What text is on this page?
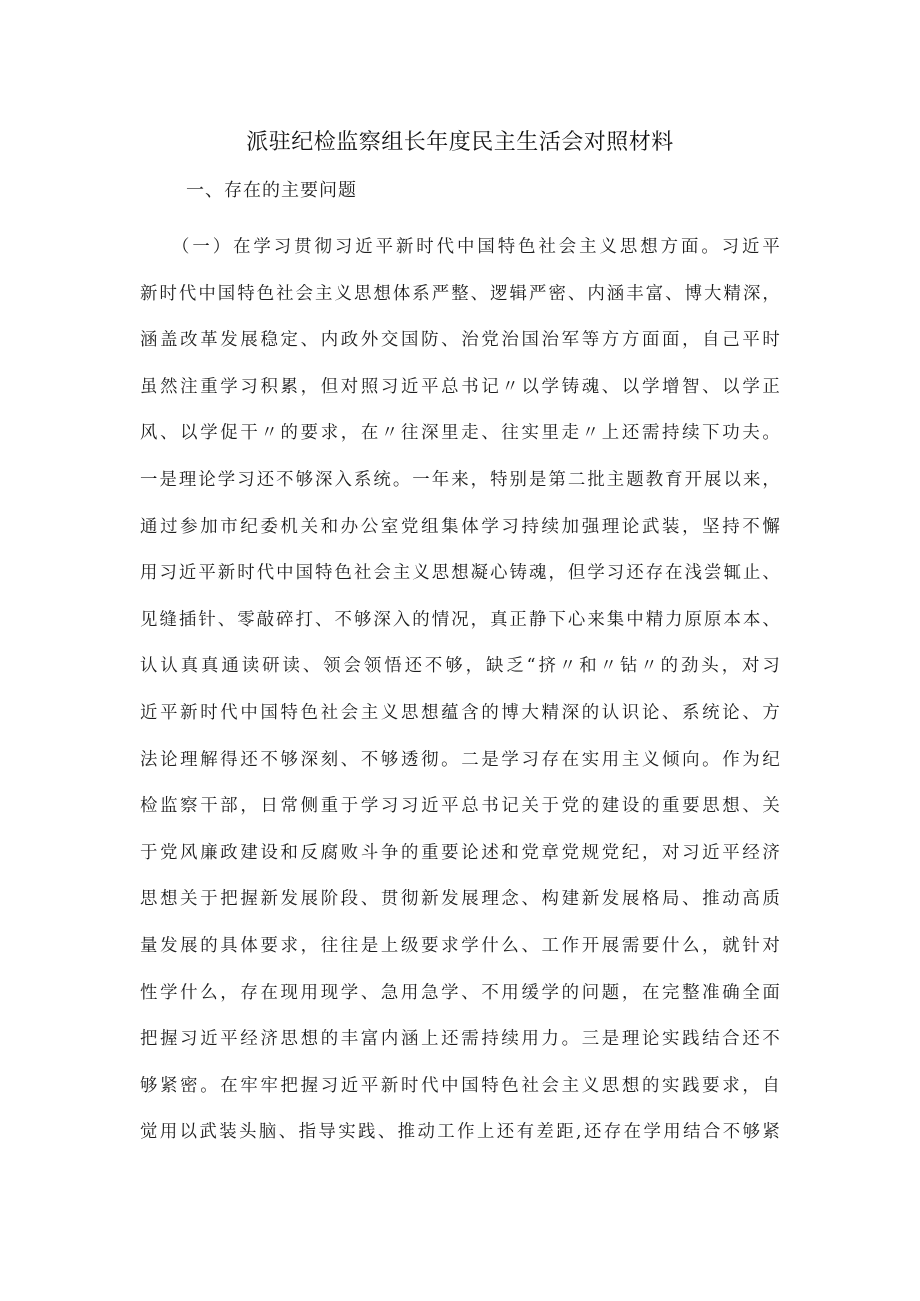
派驻纪检监察组长年度民主生活会对照材料
一、存在的主要问题
（一）在学习贯彻习近平新时代中国特色社会主义思想方面。习近平
新时代中国特色社会主义思想体系严整、逻辑严密、内涵丰富、博大精深，
涵盖改革发展稳定、内政外交国防、治党治国治军等方方面面，自己平时
虽然注重学习积累，但对照习近平总书记〃以学铸魂、以学增智、以学正
风、以学促干〃的要求，在〃往深里走、往实里走〃上还需持续下功夫。
一是理论学习还不够深入系统。一年来，特别是第二批主题教育开展以来，
通过参加市纪委机关和办公室党组集体学习持续加强理论武装，坚持不懈
用习近平新时代中国特色社会主义思想凝心铸魂，但学习还存在浅尝辄止、
见缝插针、零敲碎打、不够深入的情况，真正静下心来集中精力原原本本、
认认真真通读研读、领会领悟还不够，缺乏“挤〃和〃钻〃的劲头，对习
近平新时代中国特色社会主义思想蕴含的博大精深的认识论、系统论、方
法论理解得还不够深刻、不够透彻。二是学习存在实用主义倾向。作为纪
检监察干部，日常侧重于学习习近平总书记关于党的建设的重要思想、关
于党风廉政建设和反腐败斗争的重要论述和党章党规党纪，对习近平经济
思想关于把握新发展阶段、贯彻新发展理念、构建新发展格局、推动高质
量发展的具体要求，往往是上级要求学什么、工作开展需要什么，就针对
性学什么，存在现用现学、急用急学、不用缓学的问题，在完整准确全面
把握习近平经济思想的丰富内涵上还需持续用力。三是理论实践结合还不
够紧密。在牢牢把握习近平新时代中国特色社会主义思想的实践要求，自
觉用以武装头脑、指导实践、推动工作上还有差距,还存在学用结合不够紧
